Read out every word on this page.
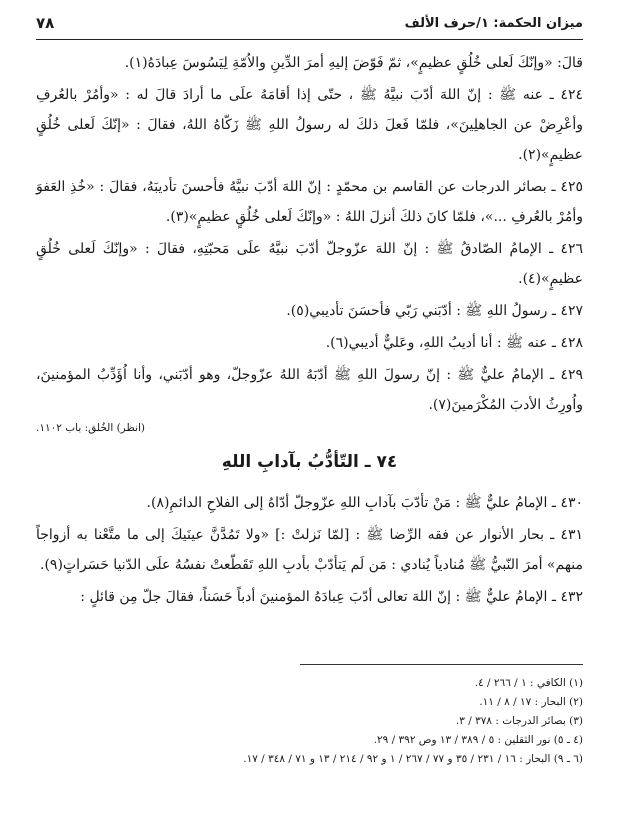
ميزان الحكمة: ١/حرف الألف
٧٨

قالَ: «وإنّكَ لَعلى خُلُقٍ عظيمٍ»، ثمّ فَوّضَ إليهِ أمرَ الدِّينِ والاُمّةِ لِيَسُوسَ عِبادَهُ(١).

٤٢٤ ـ عنه ﷺ : إنّ اللهَ أدّبَ نبيَّهُ ﷺ ، حتّى إذا أقامَهُ علَى ما أرادَ قالَ له : «وأمُرْ بالعُرفِ وأعْرِضْ عن الجاهلِينَ»، فلمّا فَعلَ ذلكَ له رسولُ اللهِ ﷺ زَكّاهُ اللهُ، فقالَ : «إنّكَ لَعلى خُلُقٍ عظيمٍ»(٢).

٤٢٥ ـ بصائر الدرجات عن القاسم بن محمّدٍ : إنّ اللهَ أدّبَ نبيَّهُ فأحسنَ تأديبَهُ، فقالَ : «خُذِ العَفوَ وأمُرْ بالعُرفِ ...»، فلمّا كانَ ذلكَ أنزلَ اللهُ : «وإنّكَ لَعلى خُلُقٍ عظيمٍ»(٣).

٤٢٦ ـ الإمامُ الصّادقُ ﷺ : إنّ اللهَ عزّوجلّ أدّبَ نبيَّهُ علَى مَحبّتِهِ، فقالَ : «وإنّكَ لَعلى خُلُقٍ عظيمٍ»(٤).

٤٢٧ ـ رسولُ اللهِ ﷺ : أدّبَني رَبّي فأحسَنَ تأديبي(٥).

٤٢٨ ـ عنه ﷺ : أنا أديبُ اللهِ، وعَليٌّ أديبي(٦).

٤٢٩ ـ الإمامُ عليٌّ ﷺ : إنّ رسولَ اللهِ ﷺ أدّبَهُ اللهُ عزّوجلّ، وهو أدّبَني، وأنا اُؤَدِّبُ المؤمنينَ، واُورِثُ الأدبَ المُكْرَمينَ(٧).

(انظر) الخُلق: باب ١١٠٢.

٧٤ ـ التّأدُّبُ بآدابِ اللهِ

٤٣٠ ـ الإمامُ عليٌّ ﷺ : مَنْ تأدّبَ بآدابِ اللهِ عزّوجلّ أدّاهُ إلى الفلاحِ الدائمِ(٨).

٤٣١ ـ بحار الأنوار عن فقه الرِّضا ﷺ : [لمّا نَزلتْ :] «ولا تَمُدَّنَّ عينَيكَ إلى ما متَّعْنا به أزواجاً منهم» أمرَ النّبيُّ ﷺ مُنادياً يُنادي : مَن لَم يَتأدّبْ بأدبِ اللهِ تَقَطّعتْ نفسُهُ علَى الدّنيا حَسَراتٍ(٩).

٤٣٢ ـ الإمامُ عليٌّ ﷺ : إنّ اللهَ تعالى أدّبَ عِبادَهُ المؤمنينَ أدباً حَسَناً، فقالَ جلّ مِن قائلٍ :

(١) الكافي : ١ / ٢٦٦ / ٤.

(٢) البحار : ١٧ / ٨ / ١١.

(٣) بصائر الدرجات : ٣٧٨ / ٣.

(٤ ـ ٥) نور الثقلين : ٥ / ٣٨٩ / ١٣ وص ٣٩٢ / ٢٩.

(٦ ـ ٩) البحار : ١٦ / ٢٣١ / ٣٥ و ٧٧ / ٢٦٧ / ١ و ٩٢ / ٢١٤ / ١٣ و ٧١ / ٣٤٨ / ١٧.
